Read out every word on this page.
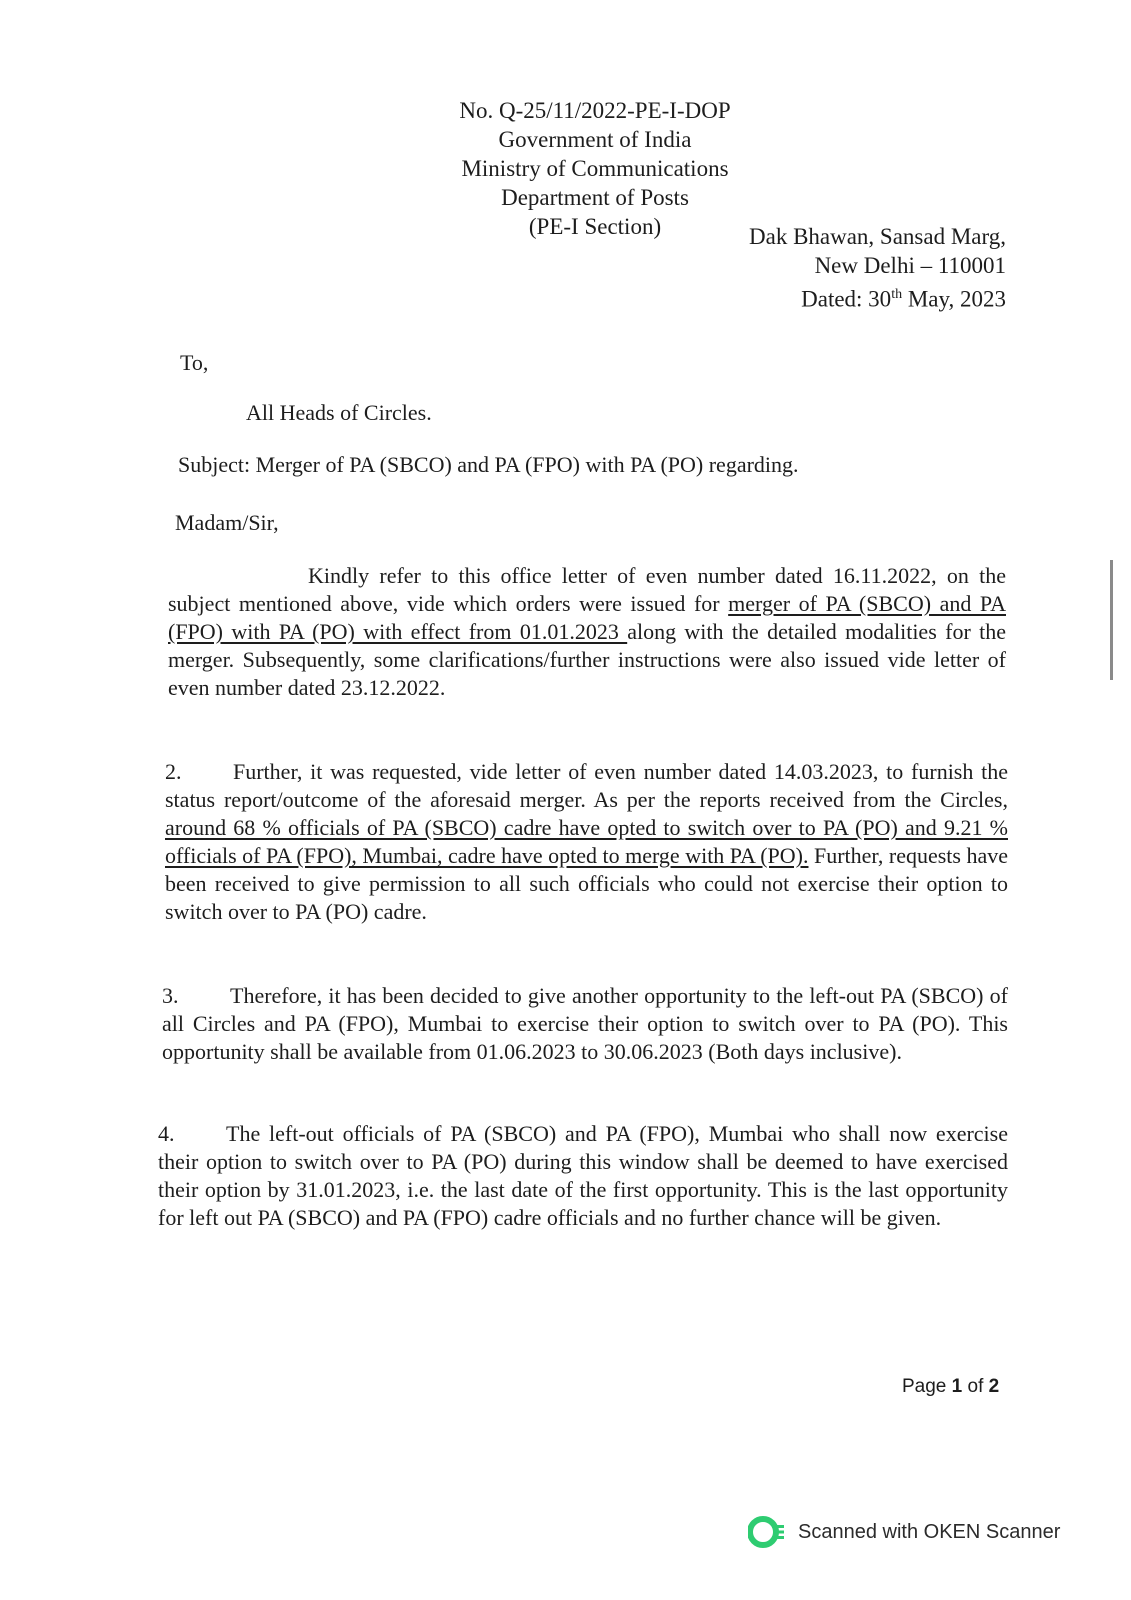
No. Q-25/11/2022-PE-I-DOP
Government of India
Ministry of Communications
Department of Posts
(PE-I Section)	Dak Bhawan, Sansad Marg,
New Delhi – 110001
Dated: 30th May, 2023
To,
All Heads of Circles.
Subject: Merger of PA (SBCO) and PA (FPO) with PA (PO) regarding.
Madam/Sir,
Kindly refer to this office letter of even number dated 16.11.2022, on the subject mentioned above, vide which orders were issued for merger of PA (SBCO) and PA (FPO) with PA (PO) with effect from 01.01.2023 along with the detailed modalities for the merger. Subsequently, some clarifications/further instructions were also issued vide letter of even number dated 23.12.2022.
2. Further, it was requested, vide letter of even number dated 14.03.2023, to furnish the status report/outcome of the aforesaid merger. As per the reports received from the Circles, around 68 % officials of PA (SBCO) cadre have opted to switch over to PA (PO) and 9.21 % officials of PA (FPO), Mumbai, cadre have opted to merge with PA (PO). Further, requests have been received to give permission to all such officials who could not exercise their option to switch over to PA (PO) cadre.
3. Therefore, it has been decided to give another opportunity to the left-out PA (SBCO) of all Circles and PA (FPO), Mumbai to exercise their option to switch over to PA (PO). This opportunity shall be available from 01.06.2023 to 30.06.2023 (Both days inclusive).
4. The left-out officials of PA (SBCO) and PA (FPO), Mumbai who shall now exercise their option to switch over to PA (PO) during this window shall be deemed to have exercised their option by 31.01.2023, i.e. the last date of the first opportunity. This is the last opportunity for left out PA (SBCO) and PA (FPO) cadre officials and no further chance will be given.
Page 1 of 2
Scanned with OKEN Scanner
